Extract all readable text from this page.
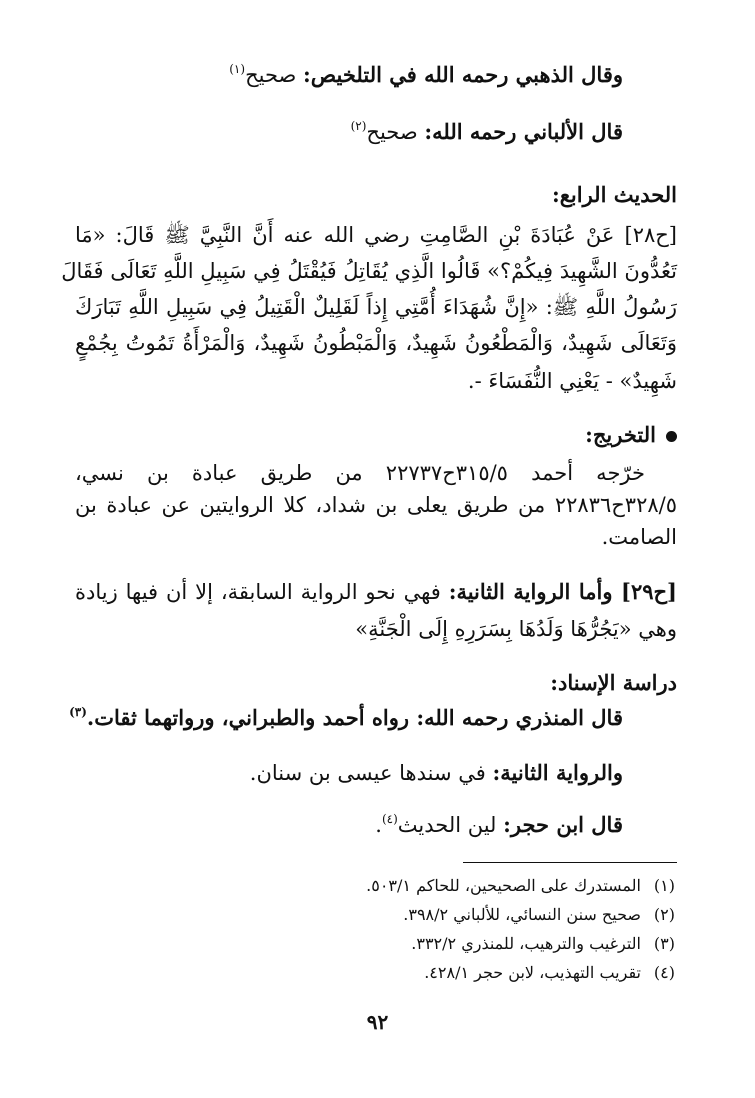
وقال الذهبي رحمه الله في التلخيص: صحيح$^{(١)}$
قال الألباني رحمه الله: صحيح$^{(٢)}$
الحديث الرابع:
[ح٢٨] عَنْ عُبَادَةَ بْنِ الصَّامِتِ رضي الله عنه أَنَّ النَّبِيَّ ﷺ قَالَ: «مَا
تَعُدُّونَ الشَّهِيدَ فِيكُمْ؟» قَالُوا الَّذِي يُقَاتِلُ فَيُقْتَلُ فِي سَبِيلِ اللَّهِ تَعَالَى فَقَالَ
رَسُولُ اللَّهِ ﷺ: «إِنَّ شُهَدَاءَ أُمَّتِي إِذاً لَقَلِيلٌ الْقَتِيلُ فِي سَبِيلِ اللَّهِ تَبَارَكَ
وَتَعَالَى شَهِيدٌ، وَالْمَطْعُونُ شَهِيدٌ، وَالْمَبْطُونُ شَهِيدٌ، وَالْمَرْأَةُ تَمُوتُ بِجُمْعٍ
شَهِيدٌ» - يَعْنِي النُّفَسَاءَ -.
التخريج:
خرّجه أحمد ٣١٥/٥ح٢٢٧٣٧ من طريق عبادة بن نسي،
٣٢٨/٥ح٢٢٨٣٦ من طريق يعلى بن شداد، كلا الروايتين عن عبادة بن
الصامت.
[ح٢٩] وأما الرواية الثانية: فهي نحو الرواية السابقة، إلا أن فيها زيادة
وهي «يَجُرُّهَا وَلَدُهَا بِسَرَرِهِ إِلَى الْجَنَّةِ»
دراسة الإسناد:
قال المنذري رحمه الله: رواه أحمد والطبراني، ورواتهما ثقات.$^{(٣)}$
والرواية الثانية: في سندها عيسى بن سنان.
قال ابن حجر: لين الحديث$^{(٤)}$.
(١)المستدرك على الصحيحين، للحاكم ٥٠٣/١.
(٢)صحيح سنن النسائي، للألباني ٣٩٨/٢.
(٣)الترغيب والترهيب، للمنذري ٣٣٢/٢.
(٤)تقريب التهذيب، لابن حجر ٤٢٨/١.
٩٢
